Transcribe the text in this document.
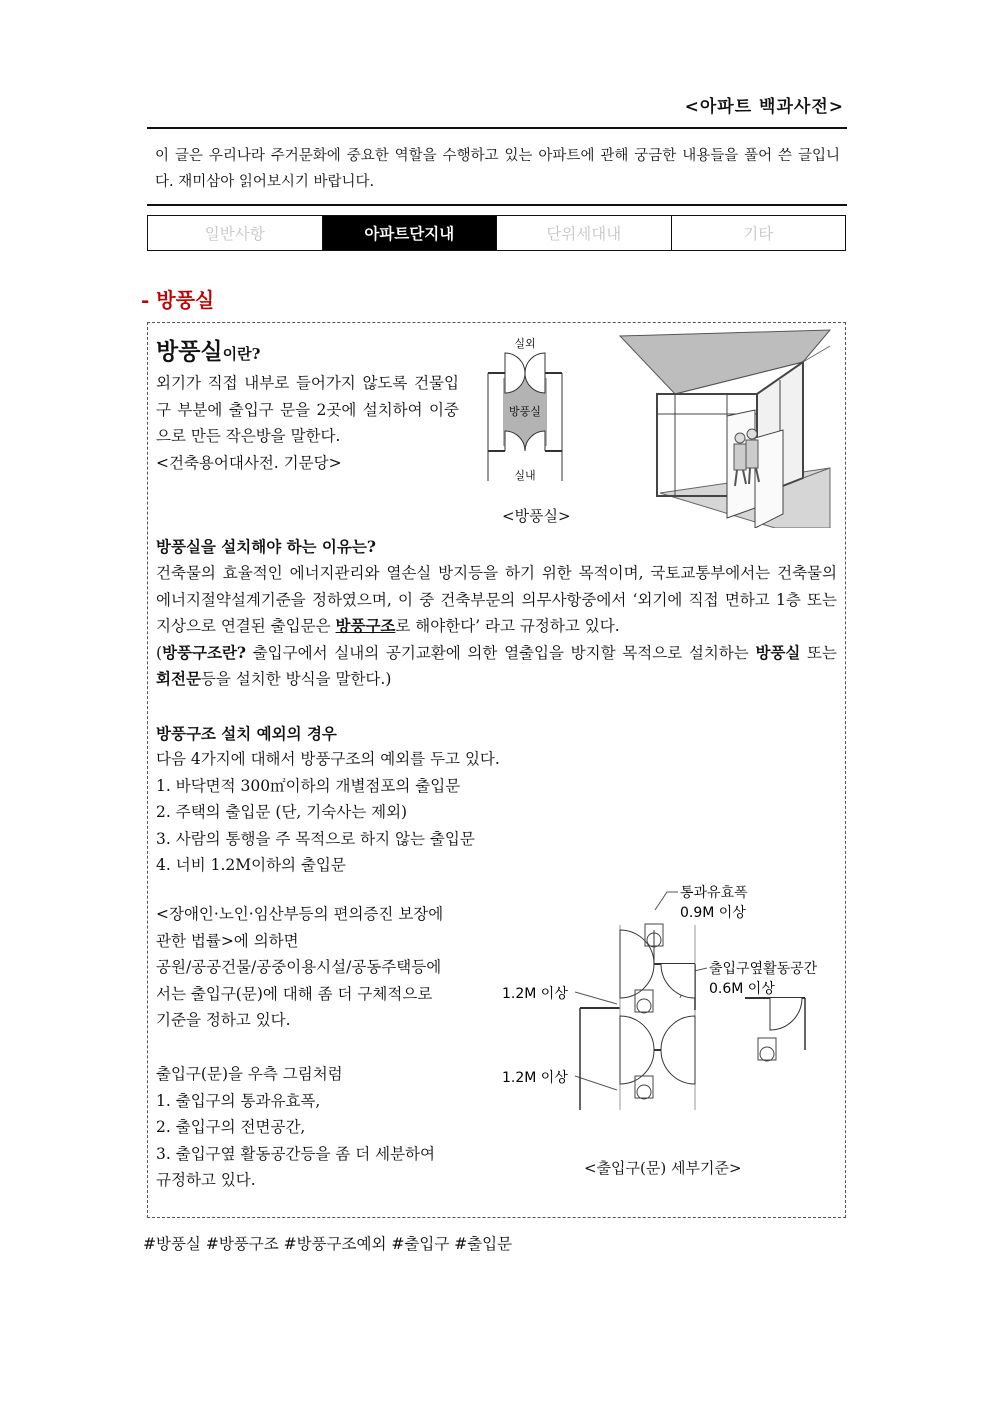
<아파트 백과사전>
이 글은 우리나라 주거문화에 중요한 역할을 수행하고 있는 아파트에 관해 궁금한 내용들을 풀어 쓴 글입니다. 재미삼아 읽어보시기 바랍니다.
일반사항	아파트단지내	단위세대내	기타
- 방풍실
방풍실이란?
외기가 직접 내부로 들어가지 않도록 건물입구 부분에 출입구 문을 2곳에 설치하여 이중으로 만든 작은방을 말한다.
<건축용어대사전. 기문당>
실외
방풍실
실내
<방풍실>
방풍실을 설치해야 하는 이유는?
건축물의 효율적인 에너지관리와 열손실 방지등을 하기 위한 목적이며, 국토교통부에서는 건축물의 에너지절약설계기준을 정하였으며, 이 중 건축부문의 의무사항중에서 ‘외기에 직접 면하고 1층 또는 지상으로 연결된 출입문은 방풍구조로 해야한다’ 라고 규정하고 있다.
(방풍구조란? 출입구에서 실내의 공기교환에 의한 열출입을 방지할 목적으로 설치하는 방풍실 또는 회전문등을 설치한 방식을 말한다.)
방풍구조 설치 예외의 경우
다음 4가지에 대해서 방풍구조의 예외를 두고 있다.
1. 바닥면적 300㎡이하의 개별점포의 출입문
2. 주택의 출입문 (단, 기숙사는 제외)
3. 사람의 통행을 주 목적으로 하지 않는 출입문
4. 너비 1.2M이하의 출입문
<장애인·노인·임산부등의 편의증진 보장에
관한 법률>에 의하면
공원/공공건물/공중이용시설/공동주택등에
서는 출입구(문)에 대해 좀 더 구체적으로
기준을 정하고 있다.
출입구(문)을 우측 그림처럼
1. 출입구의 통과유효폭,
2. 출입구의 전면공간,
3. 출입구옆 활동공간등을 좀 더 세분하여
규정하고 있다.
통과유효폭
0.9M 이상
출입구옆활동공간
0.6M 이상
1.2M 이상
1.2M 이상
<출입구(문) 세부기준>
#방풍실 #방풍구조 #방풍구조예외 #출입구 #출입문
